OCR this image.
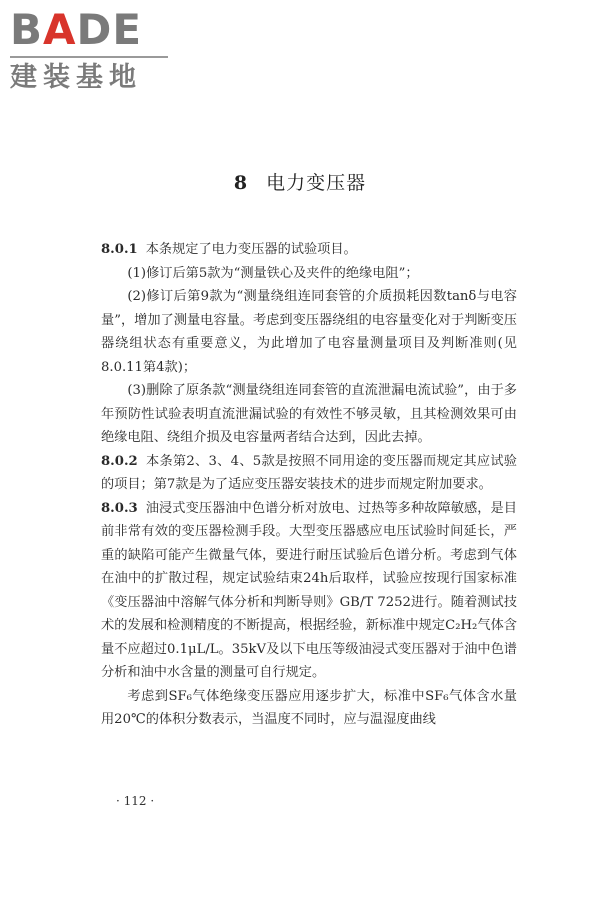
BADE
建装基地
8 电力变压器

8.0.1 本条规定了电力变压器的试验项目。

(1)修订后第5款为“测量铁心及夹件的绝缘电阻”；

(2)修订后第9款为“测量绕组连同套管的介质损耗因数tanδ与电容量”，增加了测量电容量。考虑到变压器绕组的电容量变化对于判断变压器绕组状态有重要意义，为此增加了电容量测量项目及判断准则(见8.0.11第4款)；

(3)删除了原条款“测量绕组连同套管的直流泄漏电流试验”，由于多年预防性试验表明直流泄漏试验的有效性不够灵敏，且其检测效果可由绝缘电阻、绕组介损及电容量两者结合达到，因此去掉。

8.0.2 本条第2、3、4、5款是按照不同用途的变压器而规定其应试验的项目；第7款是为了适应变压器安装技术的进步而规定附加要求。

8.0.3 油浸式变压器油中色谱分析对放电、过热等多种故障敏感，是目前非常有效的变压器检测手段。大型变压器感应电压试验时间延长，严重的缺陷可能产生微量气体，要进行耐压试验后色谱分析。考虑到气体在油中的扩散过程，规定试验结束24h后取样，试验应按现行国家标准《变压器油中溶解气体分析和判断导则》GB/T 7252进行。随着测试技术的发展和检测精度的不断提高，根据经验，新标准中规定C₂H₂气体含量不应超过0.1μL/L。35kV及以下电压等级油浸式变压器对于油中色谱分析和油中水含量的测量可自行规定。

考虑到SF₆气体绝缘变压器应用逐步扩大，标准中SF₆气体含水量用20℃的体积分数表示，当温度不同时，应与温湿度曲线

· 112 ·
